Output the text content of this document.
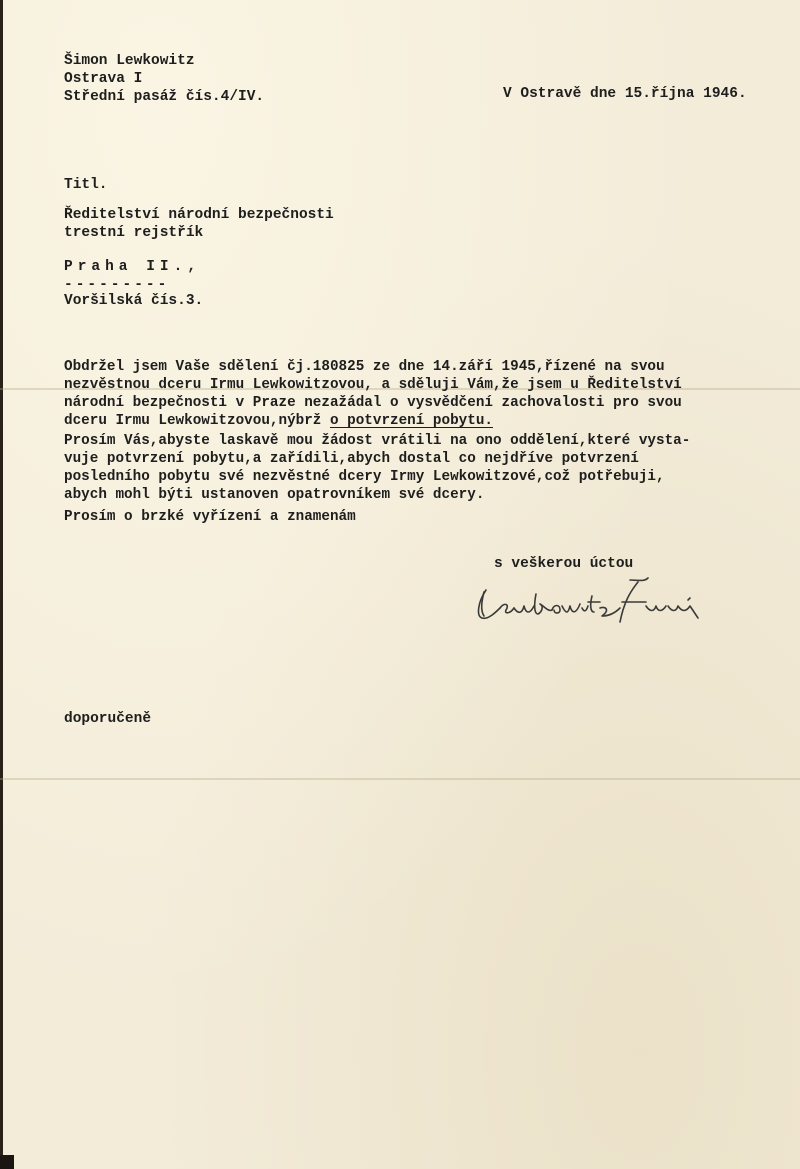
Šimon Lewkowitz
Ostrava I
Střední pasáž čís.4/IV.	V Ostravě dne 15.října 1946.
Titl.
Ředitelství národní bezpečnosti
trestní rejstřík
Praha II.,
---------
Voršilská čís.3.
Obdržel jsem Vaše sdělení čj.180825 ze dne 14.září 1945,řízené na svou
nezvěstnou dceru Irmu Lewkowitzovou, a sděluji Vám,že jsem u Ředitelství
národní bezpečnosti v Praze nezažádal o vysvědčení zachovalosti pro svou
dceru Irmu Lewkowitzovou,nýbrž o potvrzení pobytu.
Prosím Vás,abyste laskavě mou žádost vrátili na ono oddělení,které vysta-
vuje potvrzení pobytu,a zařídili,abych dostal co nejdříve potvrzení
posledního pobytu své nezvěstné dcery Irmy Lewkowitzové,což potřebuji,
abych mohl býti ustanoven opatrovníkem své dcery.
Prosím o brzké vyřízení a znamenám
s veškerou úctou
doporučeně
